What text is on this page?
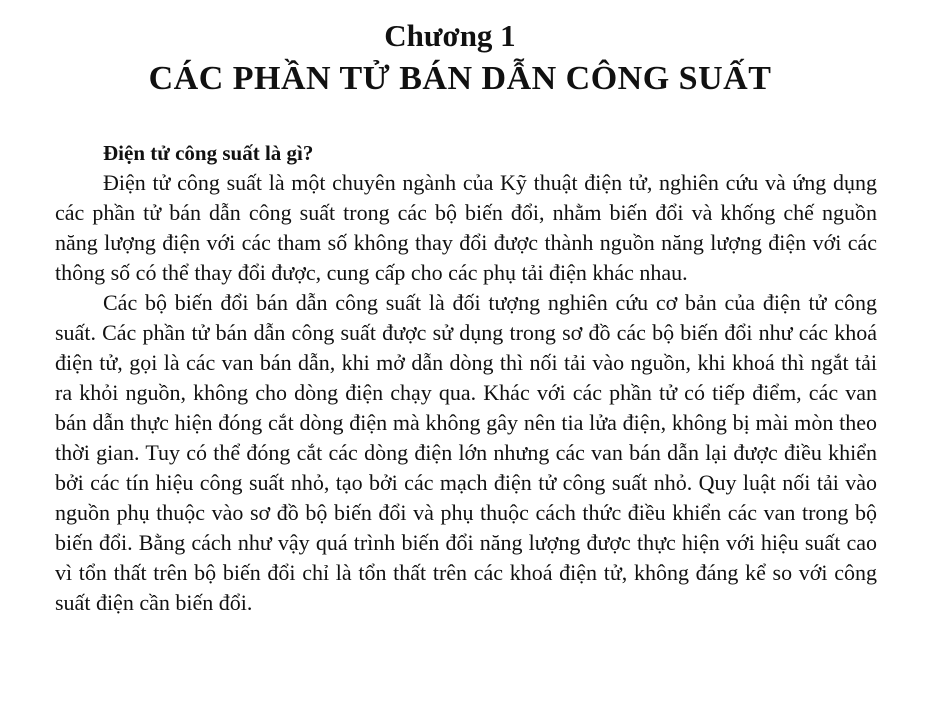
Chương 1
CÁC PHẦN TỬ BÁN DẪN CÔNG SUẤT
Điện tử công suất là gì?

Điện tử công suất là một chuyên ngành của Kỹ thuật điện tử, nghiên cứu và ứng dụng các phần tử bán dẫn công suất trong các bộ biến đổi, nhằm biến đổi và khống chế nguồn năng lượng điện với các tham số không thay đổi được thành nguồn năng lượng điện với các thông số có thể thay đổi được, cung cấp cho các phụ tải điện khác nhau.

Các bộ biến đổi bán dẫn công suất là đối tượng nghiên cứu cơ bản của điện tử công suất. Các phần tử bán dẫn công suất được sử dụng trong sơ đồ các bộ biến đổi như các khoá điện tử, gọi là các van bán dẫn, khi mở dẫn dòng thì nối tải vào nguồn, khi khoá thì ngắt tải ra khỏi nguồn, không cho dòng điện chạy qua. Khác với các phần tử có tiếp điểm, các van bán dẫn thực hiện đóng cắt dòng điện mà không gây nên tia lửa điện, không bị mài mòn theo thời gian. Tuy có thể đóng cắt các dòng điện lớn nhưng các van bán dẫn lại được điều khiển bởi các tín hiệu công suất nhỏ, tạo bởi các mạch điện tử công suất nhỏ. Quy luật nối tải vào nguồn phụ thuộc vào sơ đồ bộ biến đổi và phụ thuộc cách thức điều khiển các van trong bộ biến đổi. Bằng cách như vậy quá trình biến đổi năng lượng được thực hiện với hiệu suất cao vì tổn thất trên bộ biến đổi chỉ là tổn thất trên các khoá điện tử, không đáng kể so với công suất điện cần biến đổi.
